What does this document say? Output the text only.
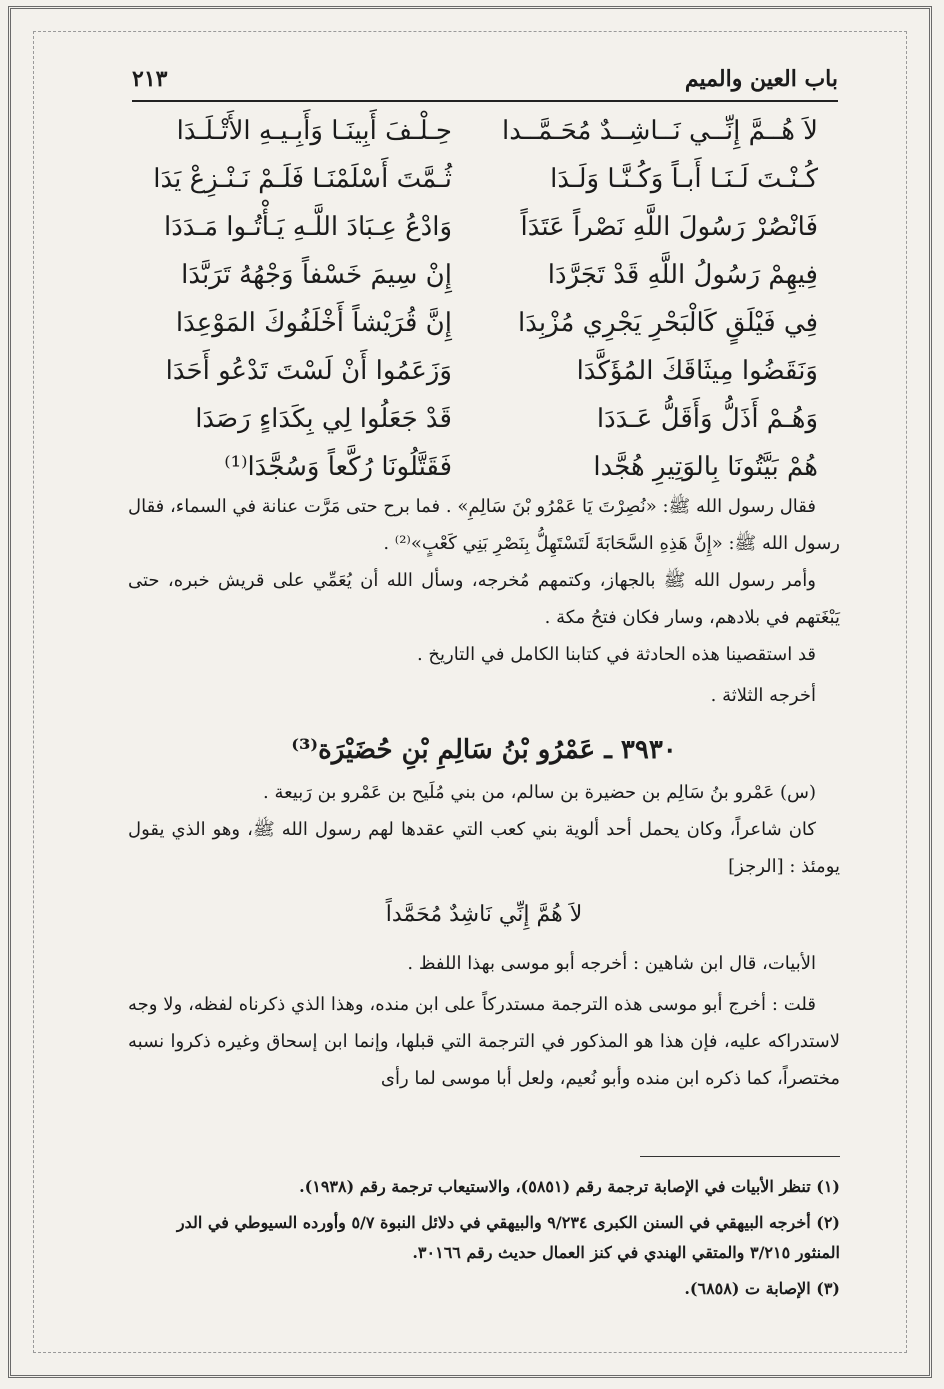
باب العين والميم
٢١٣
لاَ هُــمَّ إِنِّــي نَــاشِــدٌ مُحَـمَّــدا
حِـلْـفَ أَبِينَـا وَأَبِـيـهِ الأَتْـلَـدَا
كُـنْـتَ لَـنَـا أَبـاً وَكُـنَّـا وَلَـدَا
ثُـمَّتَ أَسْلَمْنَـا فَلَـمْ نَـنْـزِعْ يَدَا
فَانْصُرْ رَسُولَ اللَّهِ نَصْراً عَتَدَاً
وَادْعُ عِـبَادَ اللَّـهِ يَـأْتُـوا مَـدَدَا
فِيهِمْ رَسُولُ اللَّهِ قَدْ تَجَرَّدَا
إِنْ سِيمَ خَسْفاً وَجْهُهُ تَرَبَّدَا
فِي فَيْلَقٍ كَالْبَحْرِ يَجْرِي مُزْبِدَا
إِنَّ قُرَيْشاً أَخْلَفُوكَ المَوْعِدَا
وَنَقَضُوا مِيثَاقَكَ المُؤَكَّدَا
وَزَعَمُوا أَنْ لَسْتَ تَدْعُو أَحَدَا
وَهُـمْ أَذَلُّ وَأَقَلُّ عَـدَدَا
قَدْ جَعَلُوا لِي بِكَدَاءٍ رَصَدَا
هُمْ بَيَّتُونَا بِالوَتِيرِ هُجَّدا
فَقَتَّلُونَا رُكَّعاً وَسُجَّدَا⁽¹⁾

فقال رسول الله ﷺ: «نُصِرْتَ يَا عَمْرُو بْنَ سَالِمِ» . فما برح حتى مَرَّت عنانة في السماء، فقال رسول الله ﷺ: «إِنَّ هَذِهِ السَّحَابَةَ لَتَسْتَهِلُّ بِنَصْرِ بَنِي كَعْبٍ»⁽²⁾ .

وأمر رسول الله ﷺ بالجهاز، وكتمهم مُخرجه، وسأل الله أن يُعَمِّي على قريش خبره، حتى يَبْغَتهم في بلادهم، وسار فكان فتحُ مكة .

قد استقصينا هذه الحادثة في كتابنا الكامل في التاريخ .

أخرجه الثلاثة .

٣٩٣٠ ـ عَمْرُو بْنُ سَالِمِ بْنِ حُضَيْرَة⁽³⁾

(س) عَمْرو بنُ سَالِم بن حضيرة بن سالم، من بني مُلَيح بن عَمْرو بن رَبيعة .

كان شاعراً، وكان يحمل أحد ألوية بني كعب التي عقدها لهم رسول الله ﷺ، وهو الذي يقول يومئذ : [الرجز]

لاَ هُمَّ إِنِّي نَاشِدٌ مُحَمَّداً

الأبيات، قال ابن شاهين : أخرجه أبو موسى بهذا اللفظ .

قلت : أخرج أبو موسى هذه الترجمة مستدركاً على ابن منده، وهذا الذي ذكرناه لفظه، ولا وجه لاستدراكه عليه، فإن هذا هو المذكور في الترجمة التي قبلها، وإنما ابن إسحاق وغيره ذكروا نسبه مختصراً، كما ذكره ابن منده وأبو نُعيم، ولعل أبا موسى لما رأى

(١) تنظر الأبيات في الإصابة ترجمة رقم (٥٨٥١)، والاستيعاب ترجمة رقم (١٩٣٨).

(٢) أخرجه البيهقي في السنن الكبرى ٩/٢٣٤ والبيهقي في دلائل النبوة ٥/٧ وأورده السيوطي في الدر المنثور ٣/٢١٥ والمتقي الهندي في كنز العمال حديث رقم ٣٠١٦٦.

(٣) الإصابة ت (٦٨٥٨).
